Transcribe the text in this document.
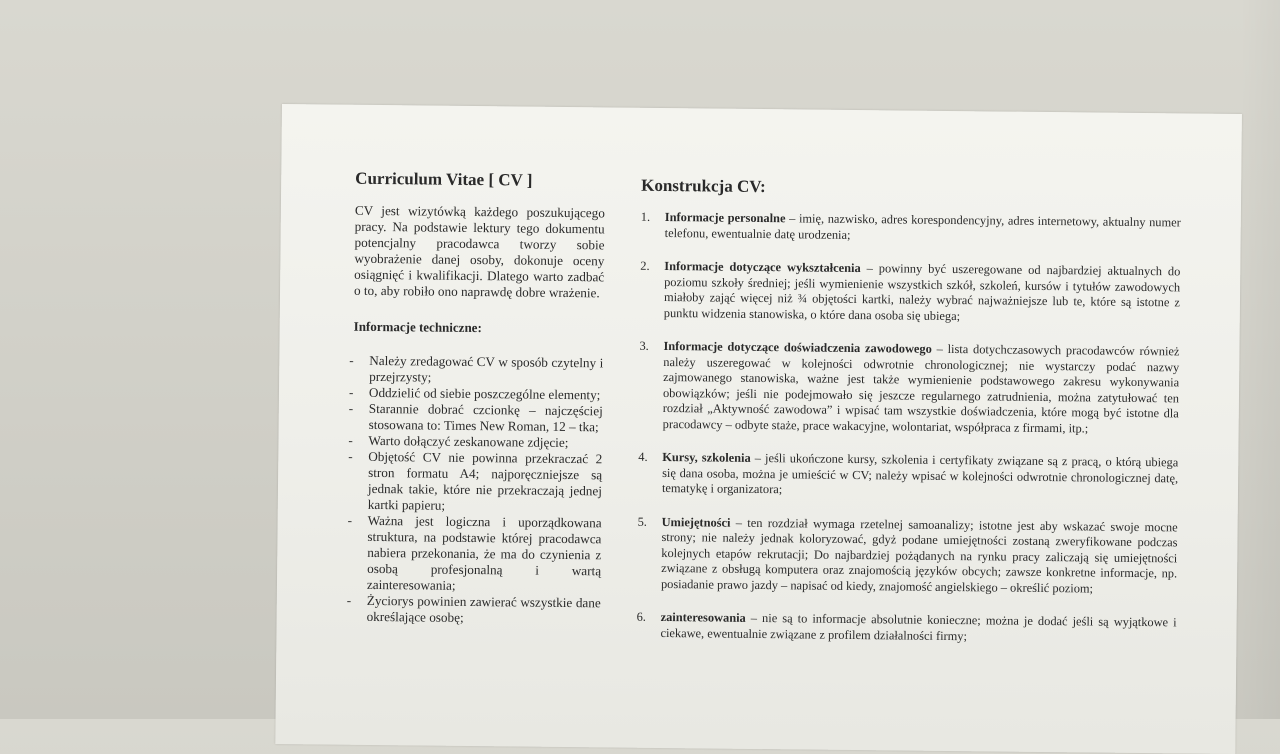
Curriculum Vitae [ CV ]

CV jest wizytówką każdego poszukującego pracy. Na podstawie lektury tego dokumentu potencjalny pracodawca tworzy sobie wyobrażenie danej osoby, dokonuje oceny osiągnięć i kwalifikacji. Dlatego warto zadbać o to, aby robiło ono naprawdę dobre wrażenie.

Informacje techniczne:
- Należy zredagować CV w sposób czytelny i przejrzysty;
- Oddzielić od siebie poszczególne elementy;
- Starannie dobrać czcionkę – najczęściej stosowana to: Times New Roman, 12 – tka;
- Warto dołączyć zeskanowane zdjęcie;
- Objętość CV nie powinna przekraczać 2 stron formatu A4; najporęczniejsze są jednak takie, które nie przekraczają jednej kartki papieru;
- Ważna jest logiczna i uporządkowana struktura, na podstawie której pracodawca nabiera przekonania, że ma do czynienia z osobą profesjonalną i wartą zainteresowania;
- Życiorys powinien zawierać wszystkie dane określające osobę;
Konstrukcja CV:
1. Informacje personalne – imię, nazwisko, adres korespondencyjny, adres internetowy, aktualny numer telefonu, ewentualnie datę urodzenia;
2. Informacje dotyczące wykształcenia – powinny być uszeregowane od najbardziej aktualnych do poziomu szkoły średniej; jeśli wymienienie wszystkich szkół, szkoleń, kursów i tytułów zawodowych miałoby zająć więcej niż ¾ objętości kartki, należy wybrać najważniejsze lub te, które są istotne z punktu widzenia stanowiska, o które dana osoba się ubiega;
3. Informacje dotyczące doświadczenia zawodowego – lista dotychczasowych pracodawców również należy uszeregować w kolejności odwrotnie chronologicznej; nie wystarczy podać nazwy zajmowanego stanowiska, ważne jest także wymienienie podstawowego zakresu wykonywania obowiązków; jeśli nie podejmowało się jeszcze regularnego zatrudnienia, można zatytułować ten rozdział „Aktywność zawodowa” i wpisać tam wszystkie doświadczenia, które mogą być istotne dla pracodawcy – odbyte staże, prace wakacyjne, wolontariat, współpraca z firmami, itp.;
4. Kursy, szkolenia – jeśli ukończone kursy, szkolenia i certyfikaty związane są z pracą, o którą ubiega się dana osoba, można je umieścić w CV; należy wpisać w kolejności odwrotnie chronologicznej datę, tematykę i organizatora;
5. Umiejętności – ten rozdział wymaga rzetelnej samoanalizy; istotne jest aby wskazać swoje mocne strony; nie należy jednak koloryzować, gdyż podane umiejętności zostaną zweryfikowane podczas kolejnych etapów rekrutacji; Do najbardziej pożądanych na rynku pracy zaliczają się umiejętności związane z obsługą komputera oraz znajomością języków obcych; zawsze konkretne informacje, np. posiadanie prawo jazdy – napisać od kiedy, znajomość angielskiego – określić poziom;
6. zainteresowania – nie są to informacje absolutnie konieczne; można je dodać jeśli są wyjątkowe i ciekawe, ewentualnie związane z profilem działalności firmy;
